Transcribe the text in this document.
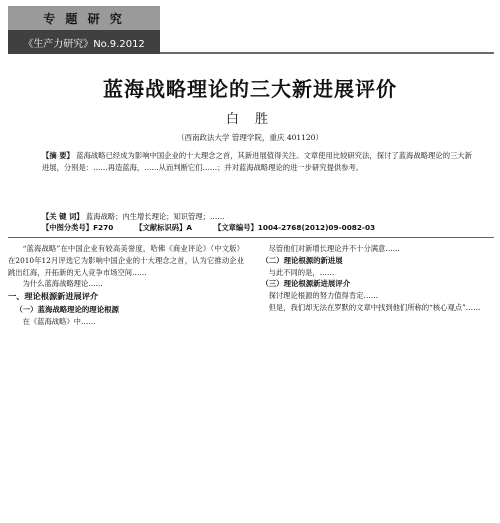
专 题 研 究
《生产力研究》No.9.2012
蓝海战略理论的三大新进展评价
白 胜
（西南政法大学 管理学院，重庆 401120）
【摘 要】 蓝海战略已经成为影响中国企业的十大理念之首，其新进展值得关注。文章使用比较研究法，探讨了蓝海战略理论的三大新进展，分别是：……再造蓝海，……从而判断它们……；并对蓝海战略理论的进一步研究提供参考。
【关 键 词】 蓝海战略；内生增长理论；知识管理；……
【中图分类号】F270	【文献标识码】A	【文章编号】1004-2768(2012)09-0082-03

“蓝海战略”在中国企业有较高美誉度，哈佛《商业评论》（中文版）在2010年12月评选它为影响中国企业的十大理念之首，认为它推动企业跳出红海，开拓新的无人竞争市场空间……

为什么蓝海战略理论……

一、理论根源新进展评介
（一）蓝海战略理论的理论根源

在《蓝海战略》中……

尽管他们对新增长理论并不十分满意……

（二）理论根源的新进展

与此不同的是，……

（三）理论根源新进展评介

探讨理论根源的努力值得肯定……

但是，我们却无法在罗默的文章中找到他们所称的“核心观点”……
